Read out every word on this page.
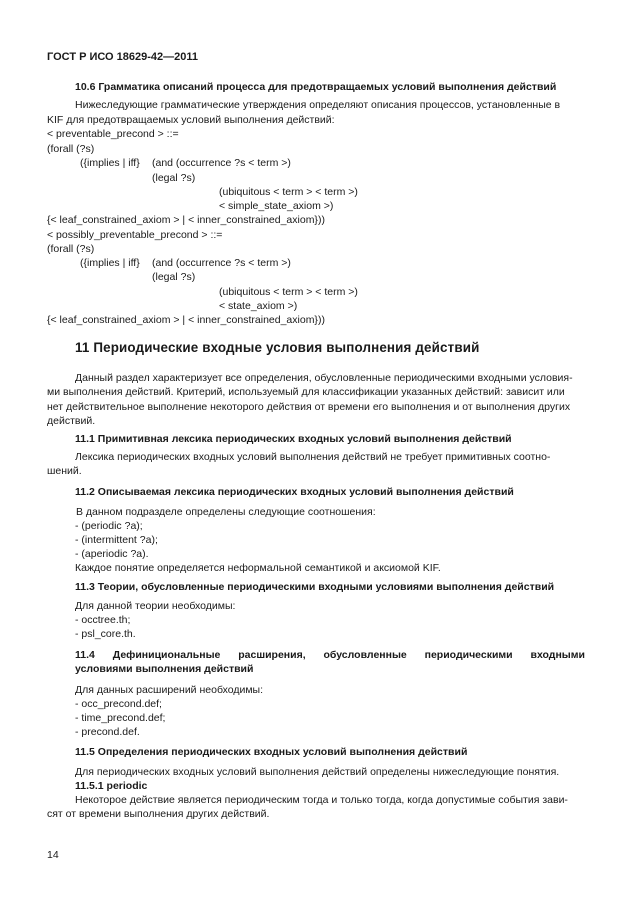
ГОСТ Р ИСО 18629-42—2011
10.6 Грамматика описаний процесса для предотвращаемых условий выполнения действий
Нижеследующие грамматические утверждения определяют описания процессов, установленные в
KIF для предотвращаемых условий выполнения действий:
< preventable_precond > ::=
(forall (?s)
({implies | iff} (and (occurrence ?s < term >)
(legal ?s)
(ubiquitous < term > < term >)
< simple_state_axiom >)
{< leaf_constrained_axiom > | < inner_constrained_axiom}))
< possibly_preventable_precond > ::=
(forall (?s)
({implies | iff} (and (occurrence ?s < term >)
(legal ?s)
(ubiquitous < term > < term >)
< state_axiom >)
{< leaf_constrained_axiom > | < inner_constrained_axiom}))
11 Периодические входные условия выполнения действий
Данный раздел характеризует все определения, обусловленные периодическими входными условия-
ми выполнения действий. Критерий, используемый для классификации указанных действий: зависит или
нет действительное выполнение некоторого действия от времени его выполнения и от выполнения других
действий.
11.1 Примитивная лексика периодических входных условий выполнения действий
Лексика периодических входных условий выполнения действий не требует примитивных соотно-
шений.
11.2 Описываемая лексика периодических входных условий выполнения действий
В данном подразделе определены следующие соотношения:
- (periodic ?a);
- (intermittent ?a);
- (aperiodic ?a).
Каждое понятие определяется неформальной семантикой и аксиомой KIF.
11.3 Теории, обусловленные периодическими входными условиями выполнения действий
Для данной теории необходимы:
- occtree.th;
- psl_core.th.
11.4 Дефинициональные расширения, обусловленные периодическими входными
условиями выполнения действий
Для данных расширений необходимы:
- occ_precond.def;
- time_precond.def;
- precond.def.
11.5 Определения периодических входных условий выполнения действий
Для периодических входных условий выполнения действий определены нижеследующие понятия.
11.5.1 periodic
Некоторое действие является периодическим тогда и только тогда, когда допустимые события зави-
сят от времени выполнения других действий.
14
